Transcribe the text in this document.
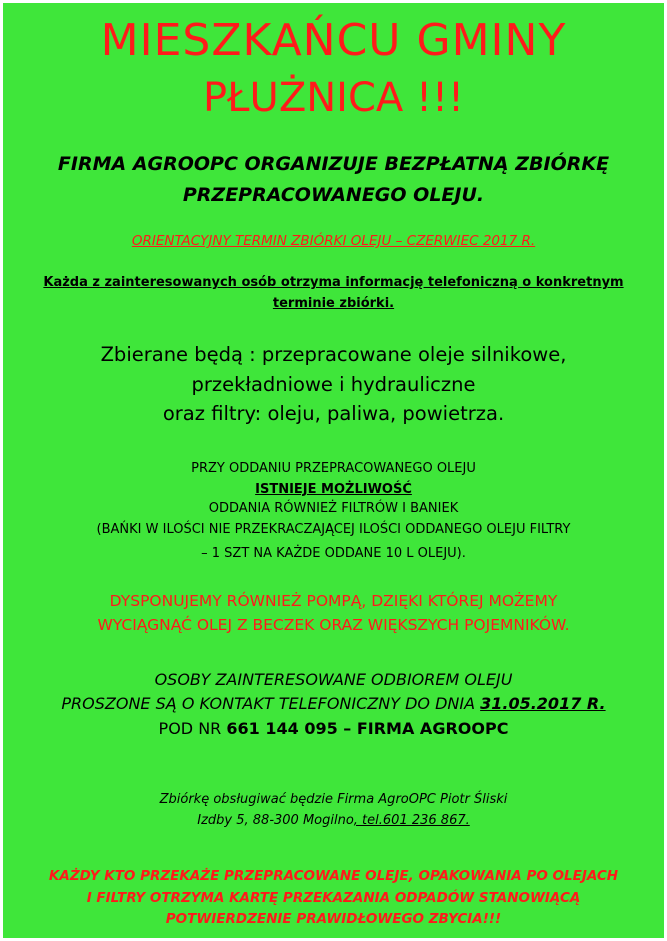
MIESZKAŃCU GMINY
PŁUŻNICA !!!
FIRMA AGROOPC ORGANIZUJE BEZPŁATNĄ ZBIÓRKĘ
PRZEPRACOWANEGO OLEJU.
ORIENTACYJNY TERMIN ZBIÓRKI OLEJU – CZERWIEC 2017 R.
Każda z zainteresowanych osób otrzyma informację telefoniczną o konkretnym
terminie zbiórki.
Zbierane będą : przepracowane oleje silnikowe,
przekładniowe i hydrauliczne
oraz filtry: oleju, paliwa, powietrza.
PRZY ODDANIU PRZEPRACOWANEGO OLEJU
ISTNIEJE MOŻLIWOŚĆ
ODDANIA RÓWNIEŻ FILTRÓW I BANIEK
(BAŃKI W ILOŚCI NIE PRZEKRACZAJĄCEJ ILOŚCI ODDANEGO OLEJU FILTRY
– 1 SZT NA KAŻDE ODDANE 10 L OLEJU).
DYSPONUJEMY RÓWNIEŻ POMPĄ, DZIĘKI KTÓREJ MOŻEMY
WYCIĄGNĄĆ OLEJ Z BECZEK ORAZ WIĘKSZYCH POJEMNIKÓW.
OSOBY ZAINTERESOWANE ODBIOREM OLEJU
PROSZONE SĄ O KONTAKT TELEFONICZNY DO DNIA 31.05.2017 R.
POD NR 661 144 095 – FIRMA AGROOPC
Zbiórkę obsługiwać będzie Firma AgroOPC Piotr Śliski
Izdby 5, 88-300 Mogilno, tel.601 236 867.
KAŻDY KTO PRZEKAŻE PRZEPRACOWANE OLEJE, OPAKOWANIA PO OLEJACH
I FILTRY OTRZYMA KARTĘ PRZEKAZANIA ODPADÓW STANOWIĄCĄ
POTWIERDZENIE PRAWIDŁOWEGO ZBYCIA!!!
